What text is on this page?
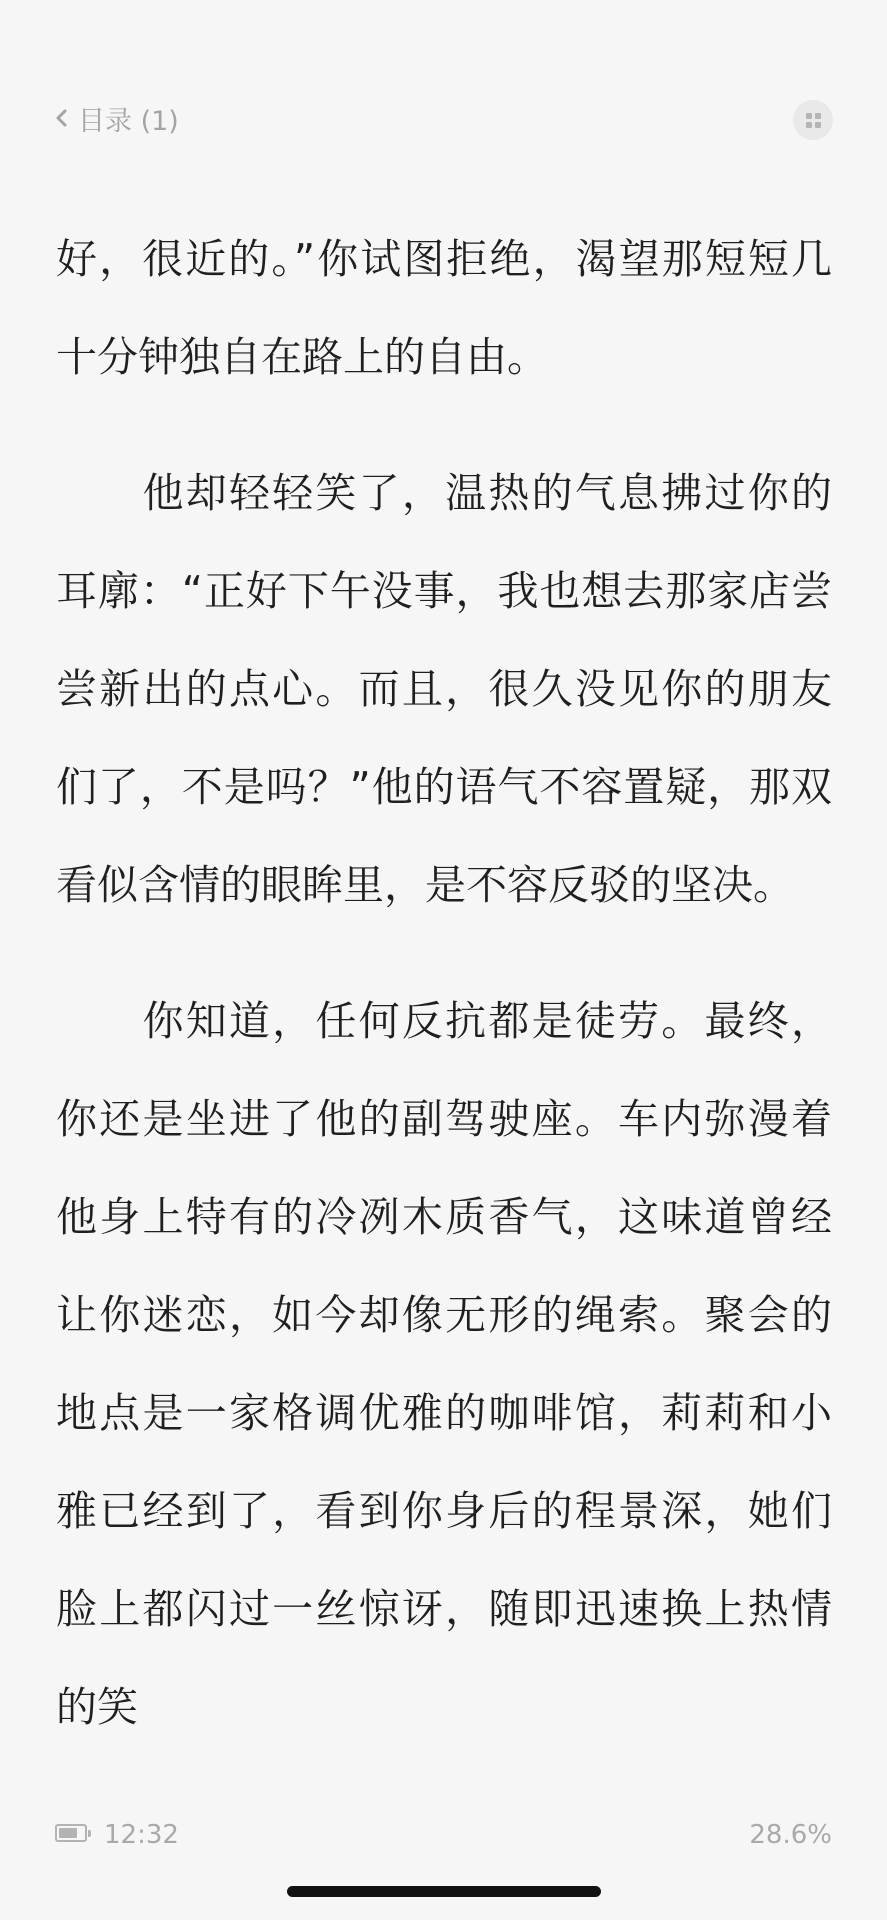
目录 (1)

好，很近的。”你试图拒绝，渴望那短短几十分钟独自在路上的自由。

　　他却轻轻笑了，温热的气息拂过你的耳廓：“正好下午没事，我也想去那家店尝尝新出的点心。而且，很久没见你的朋友们了，不是吗？”他的语气不容置疑，那双看似含情的眼眸里，是不容反驳的坚决。

　　你知道，任何反抗都是徒劳。最终，你还是坐进了他的副驾驶座。车内弥漫着他身上特有的冷冽木质香气，这味道曾经让你迷恋，如今却像无形的绳索。聚会的地点是一家格调优雅的咖啡馆，莉莉和小雅已经到了，看到你身后的程景深，她们脸上都闪过一丝惊讶，随即迅速换上热情的笑

12:32	28.6%
